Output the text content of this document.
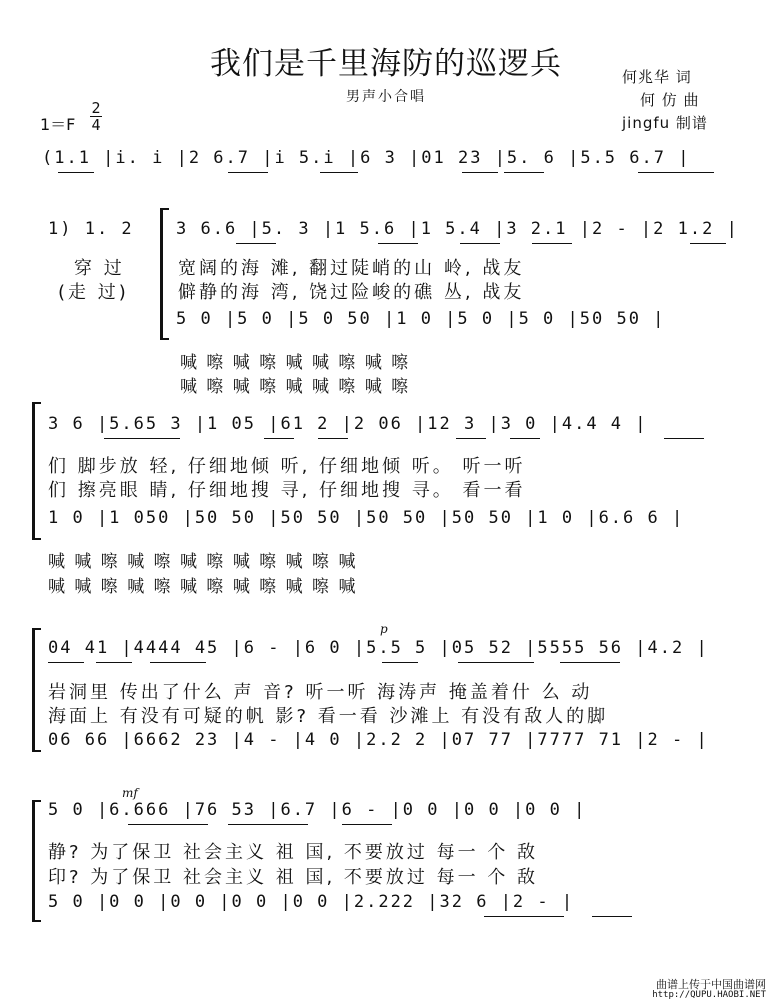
我们是千里海防的巡逻兵
男声小合唱
何兆华 词
何 仿 曲
jingfu 制谱
1＝F
2
4
(1.1 |i. i |2 6.7 |i 5.i |6 3 |01 23 |5. 6 |5.5 6.7 |
1) 1. 2 3 6.6 |5. 3 |1 5.6 |1 5.4 |3 2.1 |2 - |2 1.2 |
穿 过
(走 过)
宽阔的海 滩, 翻过陡峭的山 岭, 战友
僻静的海 湾, 饶过险峻的礁 丛, 战友
5 0 |5 0 |5 0 50 |1 0 |5 0 |5 0 |50 50 |
喊 嚓 喊 嚓 喊 喊 嚓 喊 嚓
喊 嚓 喊 嚓 喊 喊 嚓 喊 嚓
3 6 |5.65 3 |1 05 |61 2 |2 06 |12 3 |3 0 |4.4 4 |
们 脚步放 轻, 仔细地倾 听, 仔细地倾 听。 听一听
们 擦亮眼 睛, 仔细地搜 寻, 仔细地搜 寻。 看一看
1 0 |1 050 |50 50 |50 50 |50 50 |50 50 |1 0 |6.6 6 |
喊 喊 嚓 喊 嚓 喊 嚓 喊 嚓 喊 嚓 喊
喊 喊 嚓 喊 嚓 喊 嚓 喊 嚓 喊 嚓 喊
p
04 41 |4444 45 |6 - |6 0 |5.5 5 |05 52 |5555 56 |4.2 |
岩洞里 传出了什么 声 音? 听一听 海涛声 掩盖着什 么 动
海面上 有没有可疑的帆 影? 看一看 沙滩上 有没有敌人的脚
06 66 |6662 23 |4 - |4 0 |2.2 2 |07 77 |7777 71 |2 - |
mf
5 0 |6.666 |76 53 |6.7 |6 - |0 0 |0 0 |0 0 |
静? 为了保卫 社会主义 祖 国, 不要放过 每一 个 敌
印? 为了保卫 社会主义 祖 国, 不要放过 每一 个 敌
5 0 |0 0 |0 0 |0 0 |0 0 |2.222 |32 6 |2 - |
曲谱上传于中国曲谱网
http://QUPU.HAOBI.NET
